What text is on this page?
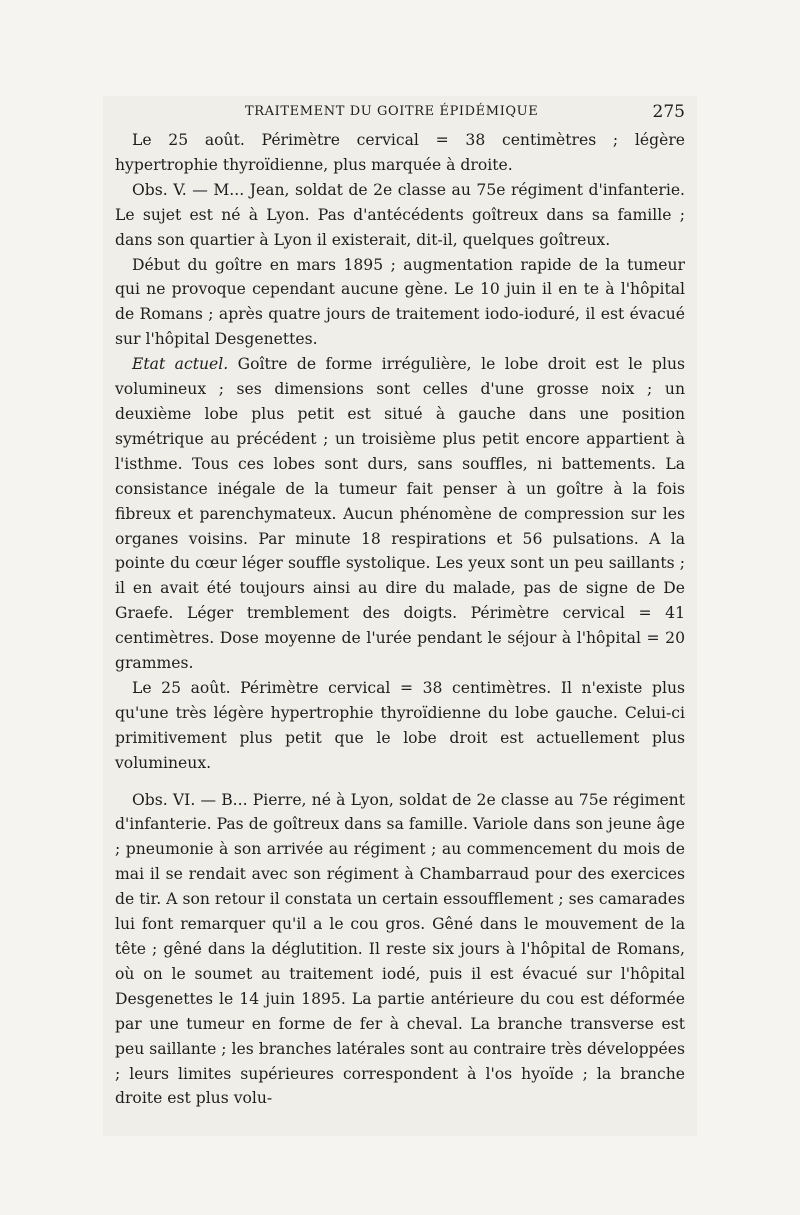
TRAITEMENT DU GOITRE ÉPIDÉMIQUE	275

Le 25 août. Périmètre cervical = 38 centimètres ; légère hypertrophie thyroïdienne, plus marquée à droite.

Obs. V. — M... Jean, soldat de 2e classe au 75e régiment d'infanterie. Le sujet est né à Lyon. Pas d'antécédents goîtreux dans sa famille ; dans son quartier à Lyon il existerait, dit-il, quelques goîtreux.

Début du goître en mars 1895 ; augmentation rapide de la tumeur qui ne provoque cependant aucune gène. Le 10 juin il en te à l'hôpital de Romans ; après quatre jours de traitement iodo-ioduré, il est évacué sur l'hôpital Desgenettes.

Etat actuel. Goître de forme irrégulière, le lobe droit est le plus volumineux ; ses dimensions sont celles d'une grosse noix ; un deuxième lobe plus petit est situé à gauche dans une position symétrique au précédent ; un troisième plus petit encore appartient à l'isthme. Tous ces lobes sont durs, sans souffles, ni battements. La consistance inégale de la tumeur fait penser à un goître à la fois fibreux et parenchymateux. Aucun phénomène de compression sur les organes voisins. Par minute 18 respirations et 56 pulsations. A la pointe du cœur léger souffle systolique. Les yeux sont un peu saillants ; il en avait été toujours ainsi au dire du malade, pas de signe de De Graefe. Léger tremblement des doigts. Périmètre cervical = 41 centimètres. Dose moyenne de l'urée pendant le séjour à l'hôpital = 20 grammes.

Le 25 août. Périmètre cervical = 38 centimètres. Il n'existe plus qu'une très légère hypertrophie thyroïdienne du lobe gauche. Celui-ci primitivement plus petit que le lobe droit est actuellement plus volumineux.

Obs. VI. — B... Pierre, né à Lyon, soldat de 2e classe au 75e régiment d'infanterie. Pas de goîtreux dans sa famille. Variole dans son jeune âge ; pneumonie à son arrivée au régiment ; au commencement du mois de mai il se rendait avec son régiment à Chambarraud pour des exercices de tir. A son retour il constata un certain essoufflement ; ses camarades lui font remarquer qu'il a le cou gros. Gêné dans le mouvement de la tête ; gêné dans la déglutition. Il reste six jours à l'hôpital de Romans, où on le soumet au traitement iodé, puis il est évacué sur l'hôpital Desgenettes le 14 juin 1895. La partie antérieure du cou est déformée par une tumeur en forme de fer à cheval. La branche transverse est peu saillante ; les branches latérales sont au contraire très développées ; leurs limites supérieures correspondent à l'os hyoïde ; la branche droite est plus volu-
